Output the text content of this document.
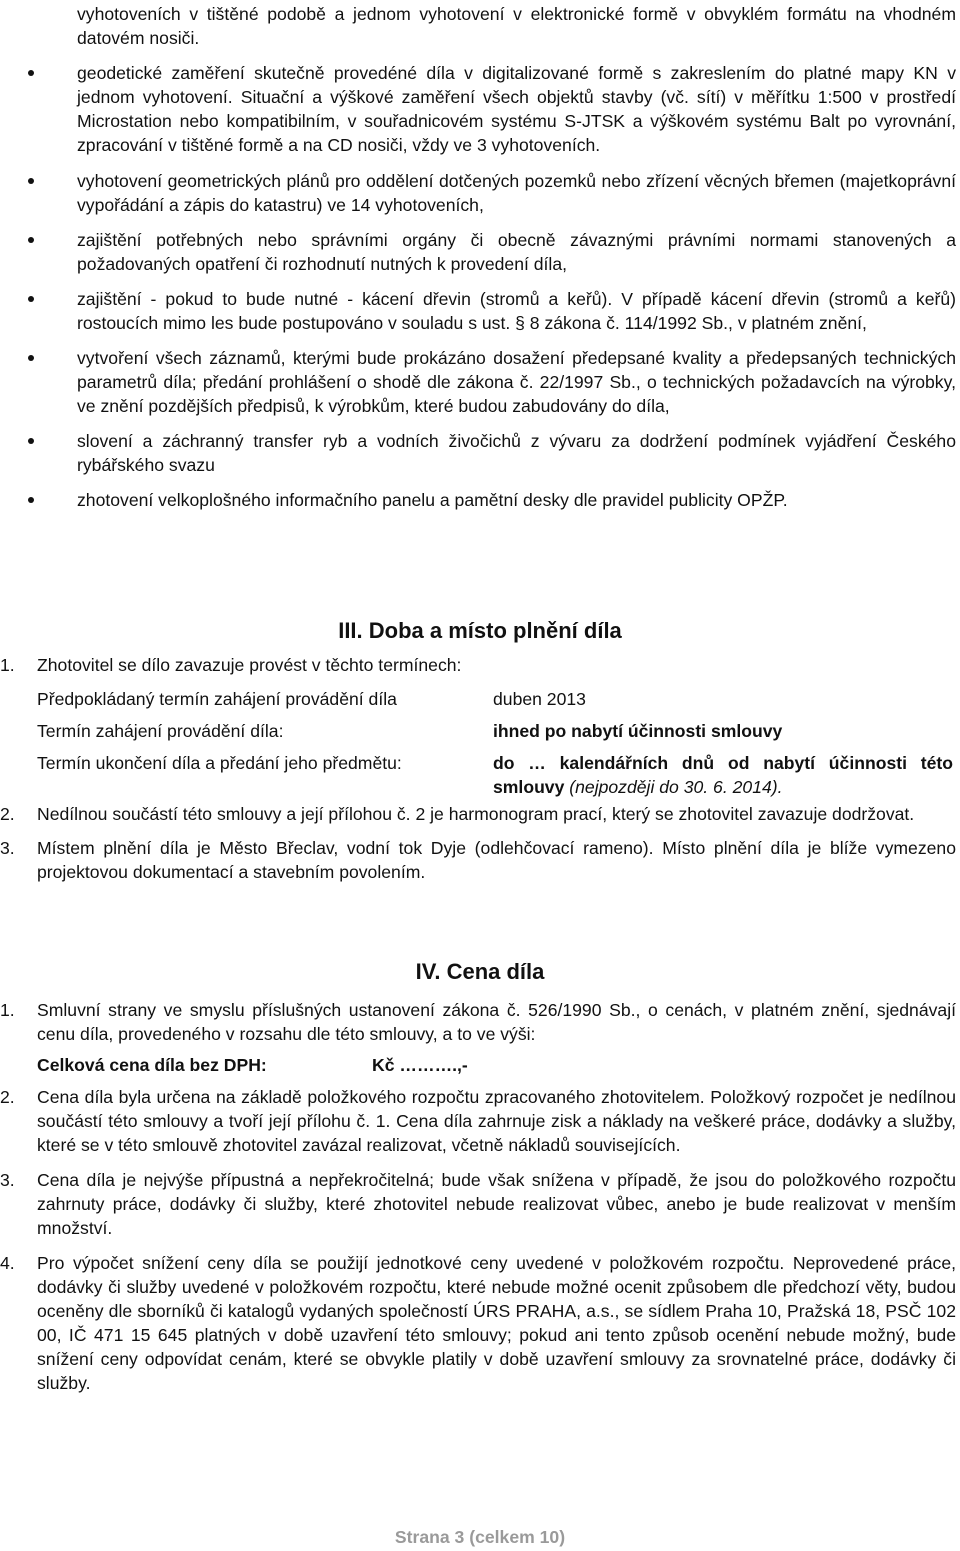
vyhotoveních v tištěné podobě a jednom vyhotovení v elektronické formě v obvyklém formátu na vhodném datovém nosiči.
geodetické zaměření skutečně provedéné díla v digitalizované formě s zakreslením do platné mapy KN v jednom vyhotovení. Situační a výškové zaměření všech objektů stavby (vč. sítí) v měřítku 1:500 v prostředí Microstation nebo kompatibilním, v souřadnicovém systému S-JTSK a výškovém systému Balt po vyrovnání, zpracování v tištěné formě a na CD nosiči, vždy ve 3 vyhotoveních.
vyhotovení geometrických plánů pro oddělení dotčených pozemků nebo zřízení věcných břemen (majetkoprávní vypořádání a zápis do katastru) ve 14 vyhotoveních,
zajištění potřebných nebo správními orgány či obecně závaznými právními normami stanovených a požadovaných opatření či rozhodnutí nutných k provedení díla,
zajištění - pokud to bude nutné - kácení dřevin (stromů a keřů). V případě kácení dřevin (stromů a keřů) rostoucích mimo les bude postupováno v souladu s ust. § 8 zákona č. 114/1992 Sb., v platném znění,
vytvoření všech záznamů, kterými bude prokázáno dosažení předepsané kvality a předepsaných technických parametrů díla; předání prohlášení o shodě dle zákona č. 22/1997 Sb., o technických požadavcích na výrobky, ve znění pozdějších předpisů, k výrobkům, které budou zabudovány do díla,
slovení a záchranný transfer ryb a vodních živočichů z vývaru za dodržení podmínek vyjádření Českého rybářského svazu
zhotovení velkoplošného informačního panelu a pamětní desky dle pravidel publicity OPŽP.
III. Doba a místo plnění díla
1. Zhotovitel se dílo zavazuje provést v těchto termínech:
Předpokládaný termín zahájení provádění díla	duben 2013
Termín zahájení provádění díla:	ihned po nabytí účinnosti smlouvy
Termín ukončení díla a předání jeho předmětu:	do … kalendářních dnů od nabytí účinnosti této smlouvy (nejpozději do 30. 6. 2014).
2. Nedílnou součástí této smlouvy a její přílohou č. 2 je harmonogram prací, který se zhotovitel zavazuje dodržovat.
3. Místem plnění díla je Město Břeclav, vodní tok Dyje (odlehčovací rameno). Místo plnění díla je blíže vymezeno projektovou dokumentací a stavebním povolením.
IV. Cena díla
1. Smluvní strany ve smyslu příslušných ustanovení zákona č. 526/1990 Sb., o cenách, v platném znění, sjednávají cenu díla, provedeného v rozsahu dle této smlouvy, a to ve výši:
Celková cena díla bez DPH:	Kč ……….,-
2. Cena díla byla určena na základě položkového rozpočtu zpracovaného zhotovitelem. Položkový rozpočet je nedílnou součástí této smlouvy a tvoří její přílohu č. 1. Cena díla zahrnuje zisk a náklady na veškeré práce, dodávky a služby, které se v této smlouvě zhotovitel zavázal realizovat, včetně nákladů souvisejících.
3. Cena díla je nejvýše přípustná a nepřekročitelná; bude však snížena v případě, že jsou do položkového rozpočtu zahrnuty práce, dodávky či služby, které zhotovitel nebude realizovat vůbec, anebo je bude realizovat v menším množství.
4. Pro výpočet snížení ceny díla se použijí jednotkové ceny uvedené v položkovém rozpočtu. Neprovedené práce, dodávky či služby uvedené v položkovém rozpočtu, které nebude možné ocenit způsobem dle předchozí věty, budou oceněny dle sborníků či katalogů vydaných společností ÚRS PRAHA, a.s., se sídlem Praha 10, Pražská 18, PSČ 102 00, IČ 471 15 645 platných v době uzavření této smlouvy; pokud ani tento způsob ocenění nebude možný, bude snížení ceny odpovídat cenám, které se obvykle platily v době uzavření smlouvy za srovnatelné práce, dodávky či služby.
Strana 3 (celkem 10)
